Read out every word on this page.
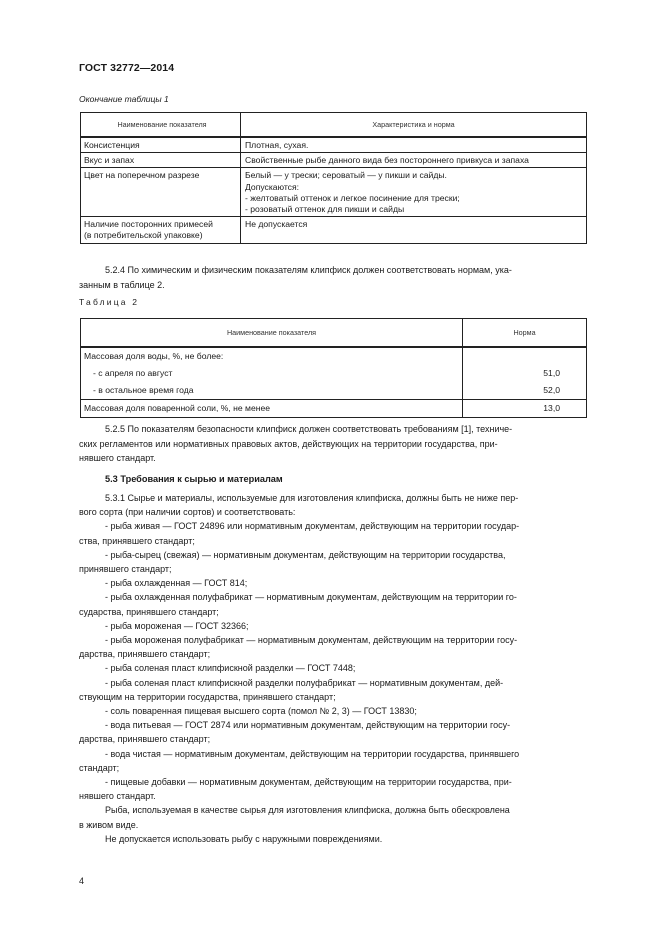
ГОСТ 32772—2014
Окончание таблицы 1
Наименование показателя	Характеристика и норма
Консистенция	Плотная, сухая.
Вкус и запах	Свойственные рыбе данного вида без постороннего привкуса и запаха
Цвет на поперечном разрезе	Белый — у трески; сероватый — у пикши и сайды.
Допускаются:
- желтоватый оттенок и легкое посинение для трески;
- розоватый оттенок для пикши и сайды

Наличие посторонних примесей
(в потребительской упаковке)	Не допускается

5.2.4 По химическим и физическим показателям клипфиск должен соответствовать нормам, ука-

занным в таблице 2.

Таблица 2
Наименование показателя	Норма
Массовая доля воды, %, не более:	
- с апреля по август	51,0
- в остальное время года	52,0
Массовая доля поваренной соли, %, не менее	13,0

5.2.5 По показателям безопасности клипфиск должен соответствовать требованиям [1], техниче-

ских регламентов или нормативных правовых актов, действующих на территории государства, при-

нявшего стандарт.

5.3 Требования к сырью и материалам

5.3.1 Сырье и материалы, используемые для изготовления клипфиска, должны быть не ниже пер-

вого сорта (при наличии сортов) и соответствовать:

- рыба живая — ГОСТ 24896 или нормативным документам, действующим на территории государ-

ства, принявшего стандарт;

- рыба-сырец (свежая) — нормативным документам, действующим на территории государства,

принявшего стандарт;

- рыба охлажденная — ГОСТ 814;

- рыба охлажденная полуфабрикат — нормативным документам, действующим на территории го-

сударства, принявшего стандарт;

- рыба мороженая — ГОСТ 32366;

- рыба мороженая полуфабрикат — нормативным документам, действующим на территории госу-

дарства, принявшего стандарт;

- рыба соленая пласт клипфискной разделки — ГОСТ 7448;

- рыба соленая пласт клипфискной разделки полуфабрикат — нормативным документам, дей-

ствующим на территории государства, принявшего стандарт;

- соль поваренная пищевая высшего сорта (помол № 2, 3) — ГОСТ 13830;

- вода питьевая — ГОСТ 2874 или нормативным документам, действующим на территории госу-

дарства, принявшего стандарт;

- вода чистая — нормативным документам, действующим на территории государства, принявшего

стандарт;

- пищевые добавки — нормативным документам, действующим на территории государства, при-

нявшего стандарт.

Рыба, используемая в качестве сырья для изготовления клипфиска, должна быть обескровлена

в живом виде.

Не допускается использовать рыбу с наружными повреждениями.

4
